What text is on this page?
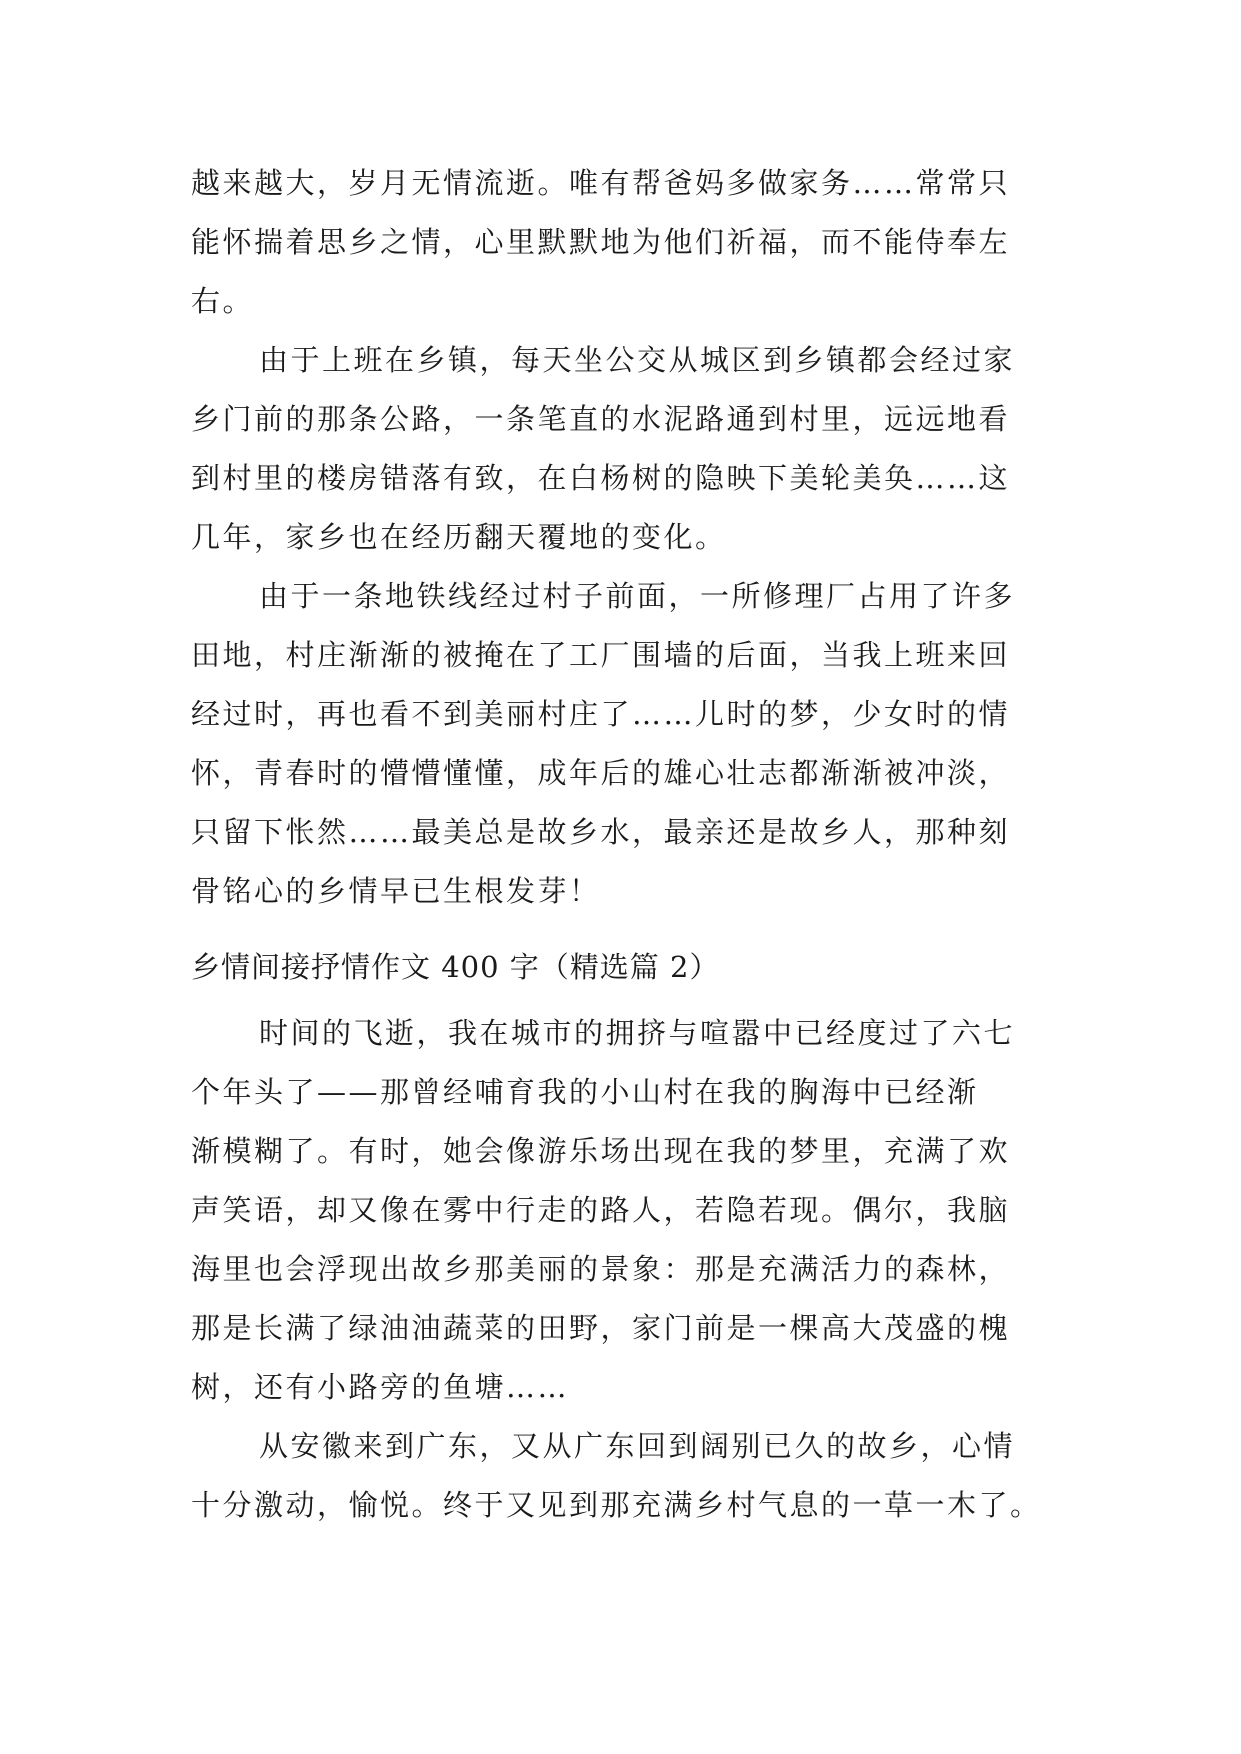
越来越大，岁月无情流逝。唯有帮爸妈多做家务……常常只
能怀揣着思乡之情，心里默默地为他们祈福，而不能侍奉左
右。
由于上班在乡镇，每天坐公交从城区到乡镇都会经过家
乡门前的那条公路，一条笔直的水泥路通到村里，远远地看
到村里的楼房错落有致，在白杨树的隐映下美轮美奂……这
几年，家乡也在经历翻天覆地的变化。
由于一条地铁线经过村子前面，一所修理厂占用了许多
田地，村庄渐渐的被掩在了工厂围墙的后面，当我上班来回
经过时，再也看不到美丽村庄了……儿时的梦，少女时的情
怀，青春时的懵懵懂懂，成年后的雄心壮志都渐渐被冲淡，
只留下怅然……最美总是故乡水，最亲还是故乡人，那种刻
骨铭心的乡情早已生根发芽！
乡情间接抒情作文 400 字（精选篇 2）
时间的飞逝，我在城市的拥挤与喧嚣中已经度过了六七
个年头了——那曾经哺育我的小山村在我的胸海中已经渐
渐模糊了。有时，她会像游乐场出现在我的梦里，充满了欢
声笑语，却又像在雾中行走的路人，若隐若现。偶尔，我脑
海里也会浮现出故乡那美丽的景象：那是充满活力的森林，
那是长满了绿油油蔬菜的田野，家门前是一棵高大茂盛的槐
树，还有小路旁的鱼塘……
从安徽来到广东，又从广东回到阔别已久的故乡，心情
十分激动，愉悦。终于又见到那充满乡村气息的一草一木了。
